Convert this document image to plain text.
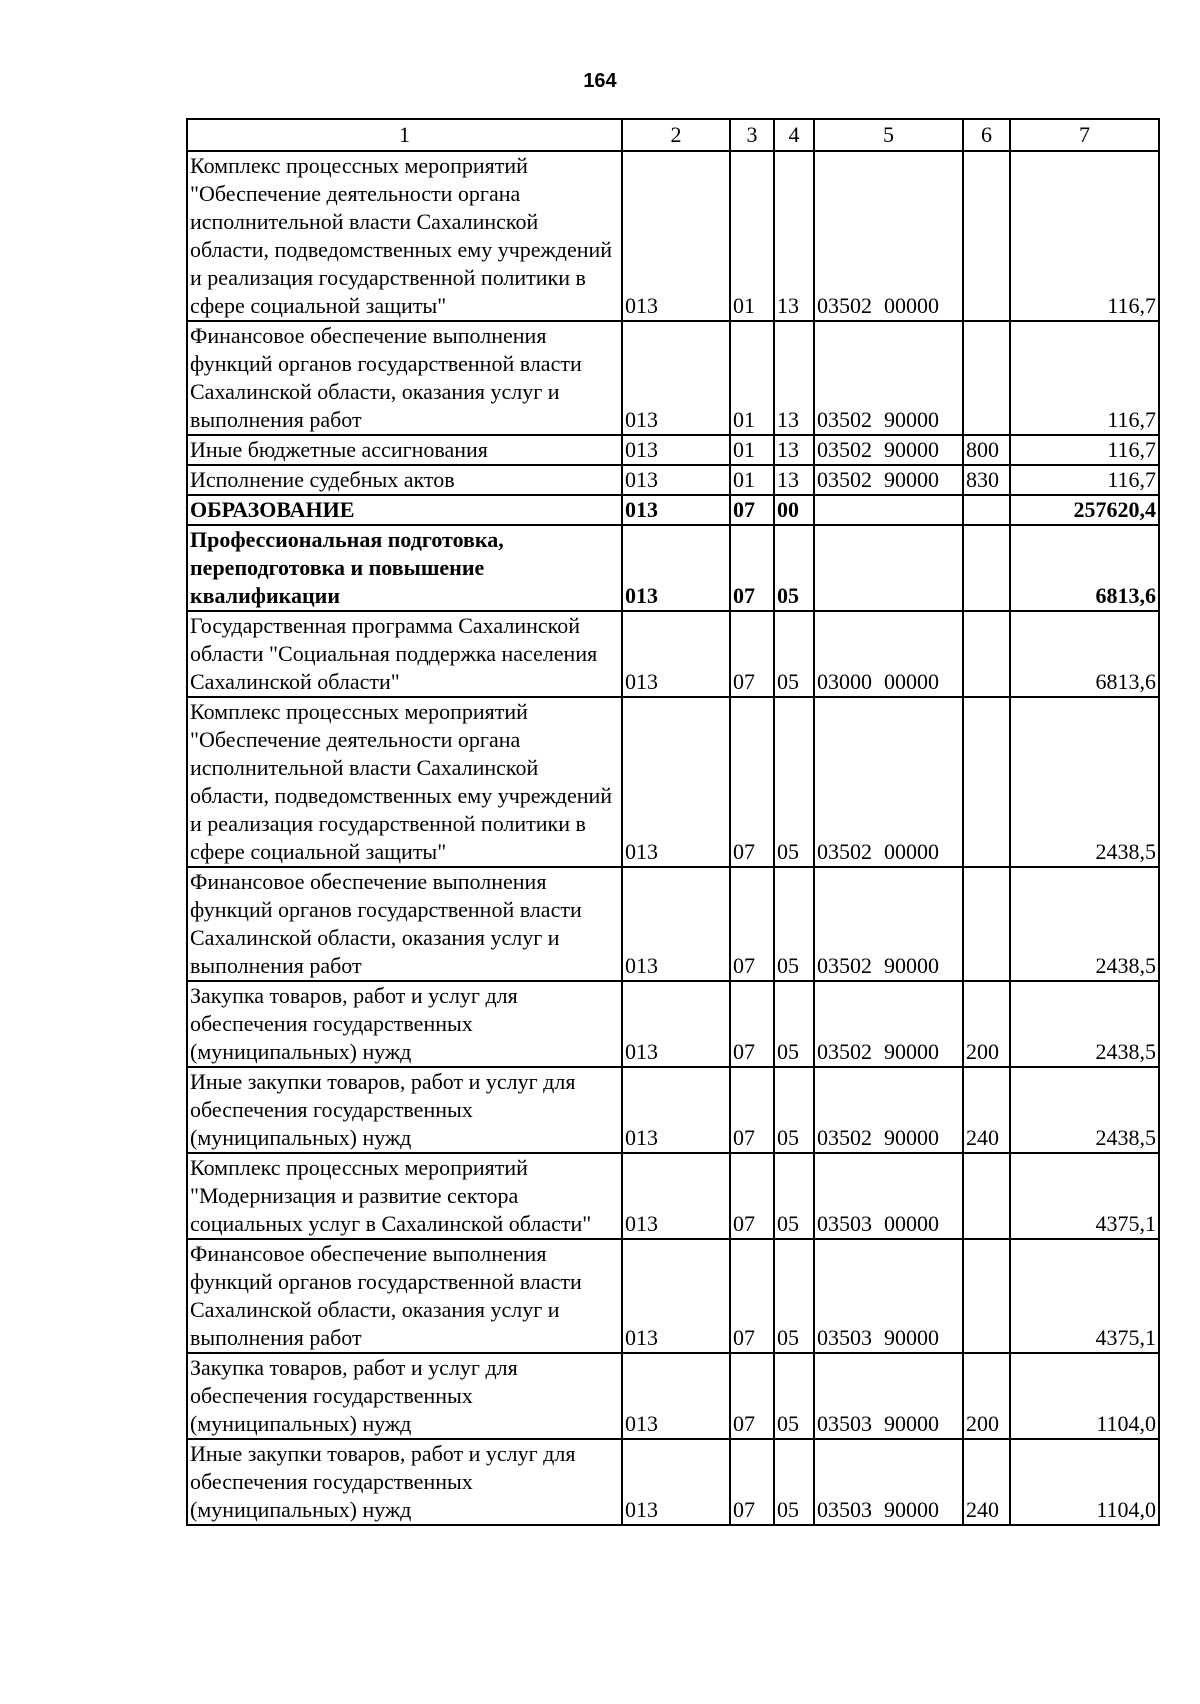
164
1	2	3	4	5	6	7
Комплекс процессных мероприятий "Обеспечение деятельности органа исполнительной власти Сахалинской области, подведомственных ему учреждений и реализация государственной политики в сфере социальной защиты"	013	01	13	03502 00000		116,7
Финансовое обеспечение выполнения функций органов государственной власти Сахалинской области, оказания услуг и выполнения работ	013	01	13	03502 90000		116,7
Иные бюджетные ассигнования	013	01	13	03502 90000	800	116,7
Исполнение судебных актов	013	01	13	03502 90000	830	116,7
ОБРАЗОВАНИЕ	013	07	00			257620,4
Профессиональная подготовка, переподготовка и повышение квалификации	013	07	05			6813,6
Государственная программа Сахалинской области "Социальная поддержка населения Сахалинской области"	013	07	05	03000 00000		6813,6
Комплекс процессных мероприятий "Обеспечение деятельности органа исполнительной власти Сахалинской области, подведомственных ему учреждений и реализация государственной политики в сфере социальной защиты"	013	07	05	03502 00000		2438,5
Финансовое обеспечение выполнения функций органов государственной власти Сахалинской области, оказания услуг и выполнения работ	013	07	05	03502 90000		2438,5
Закупка товаров, работ и услуг для обеспечения государственных (муниципальных) нужд	013	07	05	03502 90000	200	2438,5
Иные закупки товаров, работ и услуг для обеспечения государственных (муниципальных) нужд	013	07	05	03502 90000	240	2438,5
Комплекс процессных мероприятий "Модернизация и развитие сектора социальных услуг в Сахалинской области"	013	07	05	03503 00000		4375,1
Финансовое обеспечение выполнения функций органов государственной власти Сахалинской области, оказания услуг и выполнения работ	013	07	05	03503 90000		4375,1
Закупка товаров, работ и услуг для обеспечения государственных (муниципальных) нужд	013	07	05	03503 90000	200	1104,0
Иные закупки товаров, работ и услуг для обеспечения государственных (муниципальных) нужд	013	07	05	03503 90000	240	1104,0
